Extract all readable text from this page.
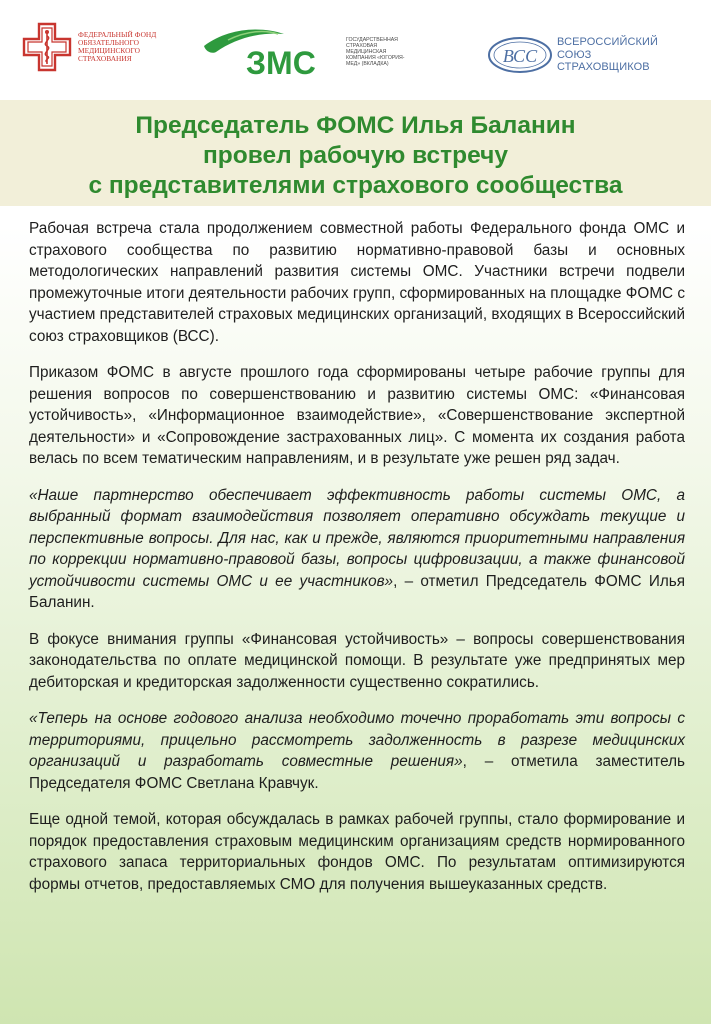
ФЕДЕРАЛЬНЫЙ ФОНД ОБЯЗАТЕЛЬНОГО МЕДИЦИНСКОГО СТРАХОВАНИЯ	ЗМС
ГОСУДАРСТВЕННАЯ СТРАХОВАЯ МЕДИЦИНСКАЯ КОМПАНИЯ «ЮГОРИЯ-МЕД» (ВКЛАДКА)	ВСС
ВСЕРОССИЙСКИЙ СОЮЗ СТРАХОВЩИКОВ
Председатель ФОМС Илья Баланин
провел рабочую встречу
с представителями страхового сообщества

Рабочая встреча стала продолжением совместной работы Федерального фонда ОМС и страхового сообщества по развитию нормативно-правовой базы и основных методологических направлений развития системы ОМС. Участники встречи подвели промежуточные итоги деятельности рабочих групп, сформированных на площадке ФОМС с участием представителей страховых медицинских организаций, входящих в Всероссийский союз страховщиков (ВСС).

Приказом ФОМС в августе прошлого года сформированы четыре рабочие группы для решения вопросов по совершенствованию и развитию системы ОМС: «Финансовая устойчивость», «Информационное взаимодействие», «Совершенствование экспертной деятельности» и «Сопровождение застрахованных лиц». С момента их создания работа велась по всем тематическим направлениям, и в результате уже решен ряд задач.

«Наше партнерство обеспечивает эффективность работы системы ОМС, а выбранный формат взаимодействия позволяет оперативно обсуждать текущие и перспективные вопросы. Для нас, как и прежде, являются приоритетными направления по коррекции нормативно-правовой базы, вопросы цифровизации, а также финансовой устойчивости системы ОМС и ее участников», – отметил Председатель ФОМС Илья Баланин.

В фокусе внимания группы «Финансовая устойчивость» – вопросы совершенствования законодательства по оплате медицинской помощи. В результате уже предпринятых мер дебиторская и кредиторская задолженности существенно сократились.

«Теперь на основе годового анализа необходимо точечно проработать эти вопросы с территориями, прицельно рассмотреть задолженность в разрезе медицинских организаций и разработать совместные решения», – отметила заместитель Председателя ФОМС Светлана Кравчук.

Еще одной темой, которая обсуждалась в рамках рабочей группы, стало формирование и порядок предоставления страховым медицинским организациям средств нормированного страхового запаса территориальных фондов ОМС. По результатам оптимизируются формы отчетов, предоставляемых СМО для получения вышеуказанных средств.
